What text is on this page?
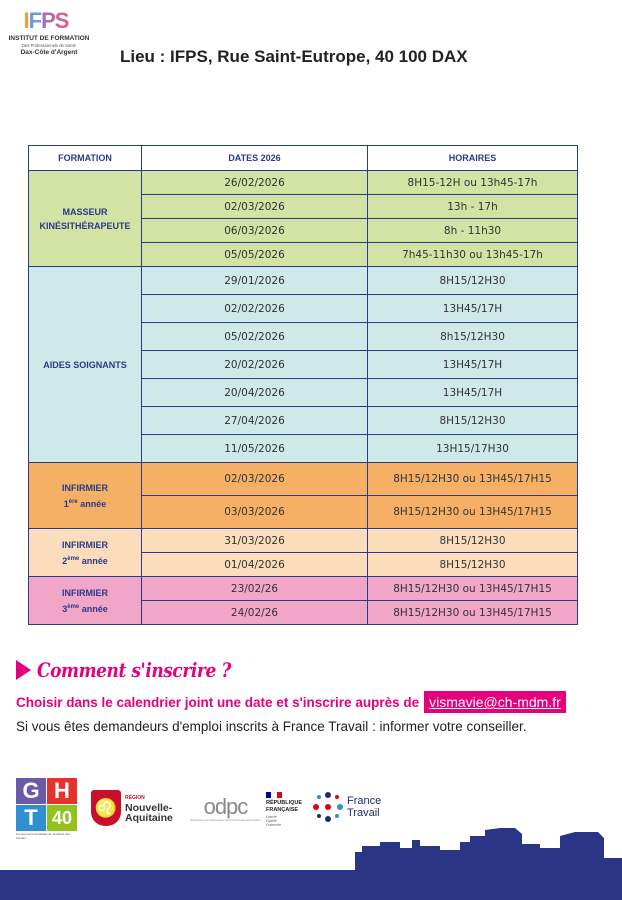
IFPS
INSTITUT DE FORMATION
Des Professionnels de Santé
Dax-Côte d'Argent	Lieu : IFPS, Rue Saint-Eutrope, 40 100 DAX
FORMATION	DATES 2026	HORAIRES
MASSEUR
KINÉSITHÉRAPEUTE	26/02/2026	8H15-12H ou 13h45-17h
	02/03/2026	13h - 17h
	06/03/2026	8h - 11h30
	05/05/2026	7h45-11h30 ou 13h45-17h
AIDES SOIGNANTS	29/01/2026	8H15/12H30
	02/02/2026	13H45/17H
	05/02/2026	8h15/12H30
	20/02/2026	13H45/17H
	20/04/2026	13H45/17H
	27/04/2026	8H15/12H30
	11/05/2026	13H15/17H30
INFIRMIER
1ère année	02/03/2026	8H15/12H30 ou 13H45/17H15
	03/03/2026	8H15/12H30 ou 13H45/17H15
INFIRMIER
2ème année	31/03/2026	8H15/12H30
	01/04/2026	8H15/12H30
INFIRMIER
3ème année	23/02/26	8H15/12H30 ou 13H45/17H15
	24/02/26	8H15/12H30 ou 13H45/17H15
Comment s'inscrire ?
Choisir dans le calendrier joint une date et s'inscrire auprès de vismavie@ch-mdm.fr
Si vous êtes demandeurs d'emploi inscrits à France Travail : informer votre conseiller.
G H
T 40
Groupement Hospitalier de Territoire des Landes
♌	RÉGION
Nouvelle-
Aquitaine	odpc
Organisme de Développement Professionnel Continu
RÉPUBLIQUE
FRANÇAISE
Liberté
Égalité
Fraternité
France
Travail
